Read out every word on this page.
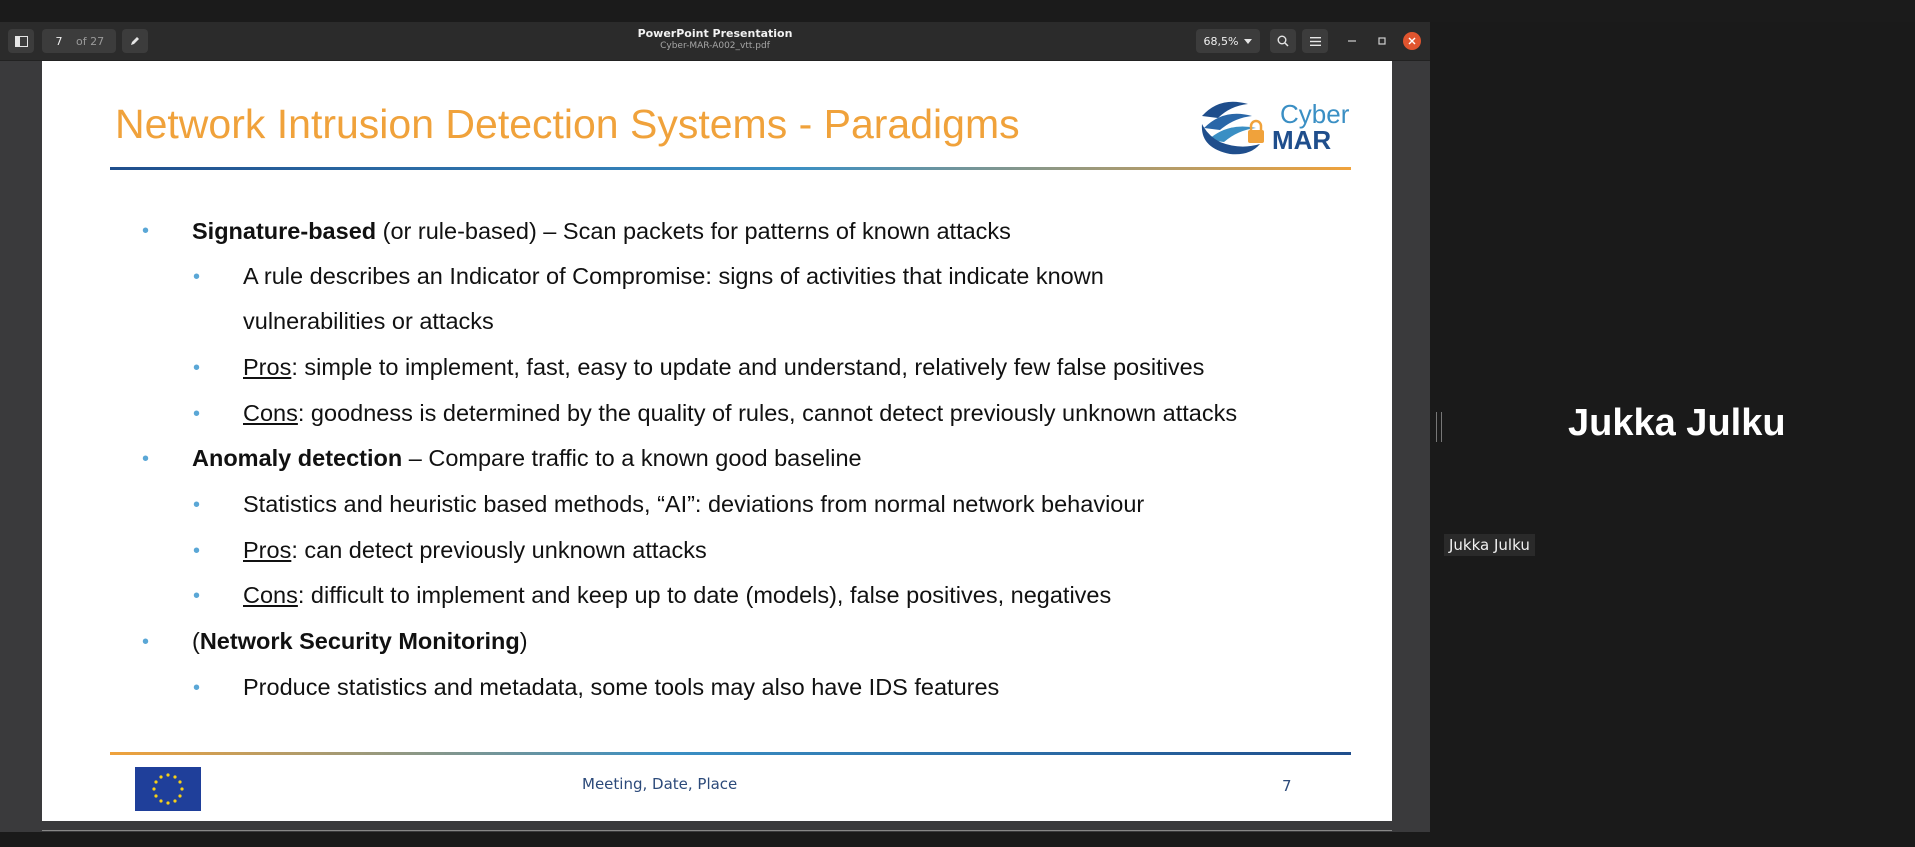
7	of 27
PowerPoint Presentation
Cyber-MAR-A002_vtt.pdf	68,5%
Network Intrusion Detection Systems - Paradigms	Cyber
MAR
• Signature-based (or rule-based) – Scan packets for patterns of known attacks
• A rule describes an Indicator of Compromise: signs of activities that indicate known
vulnerabilities or attacks
• Pros: simple to implement, fast, easy to update and understand, relatively few false positives
• Cons: goodness is determined by the quality of rules, cannot detect previously unknown attacks
• Anomaly detection – Compare traffic to a known good baseline
• Statistics and heuristic based methods, “AI”: deviations from normal network behaviour
• Pros: can detect previously unknown attacks
• Cons: difficult to implement and keep up to date (models), false positives, negatives
• (Network Security Monitoring)
• Produce statistics and metadata, some tools may also have IDS features
Meeting, Date, Place	7
Jukka Julku
Jukka Julku
